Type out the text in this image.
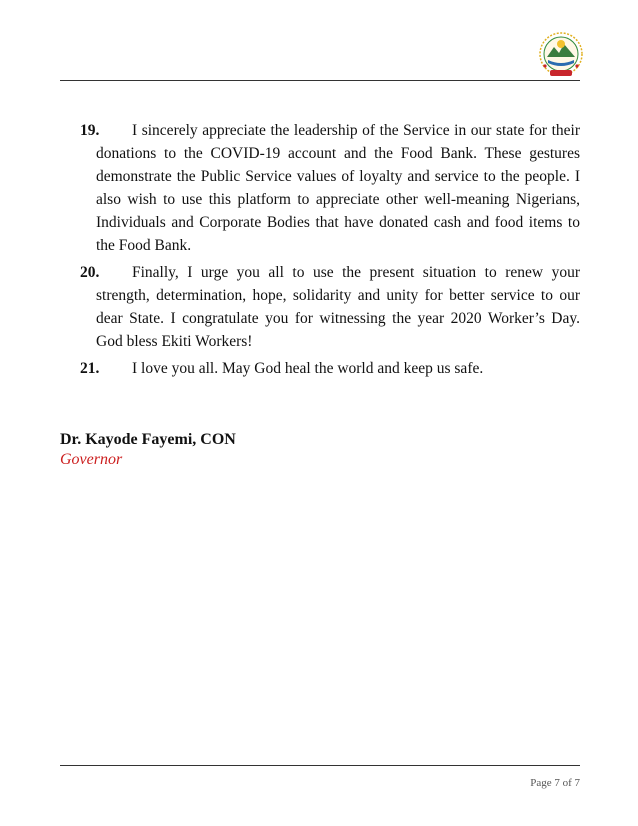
19.	I sincerely appreciate the leadership of the Service in our state for their donations to the COVID-19 account and the Food Bank. These gestures demonstrate the Public Service values of loyalty and service to the people. I also wish to use this platform to appreciate other well-meaning Nigerians, Individuals and Corporate Bodies that have donated cash and food items to the Food Bank.
20.	Finally, I urge you all to use the present situation to renew your strength, determination, hope, solidarity and unity for better service to our dear State. I congratulate you for witnessing the year 2020 Worker’s Day. God bless Ekiti Workers!
21.	I love you all. May God heal the world and keep us safe.
Dr. Kayode Fayemi, CON
Governor
Page 7 of 7
